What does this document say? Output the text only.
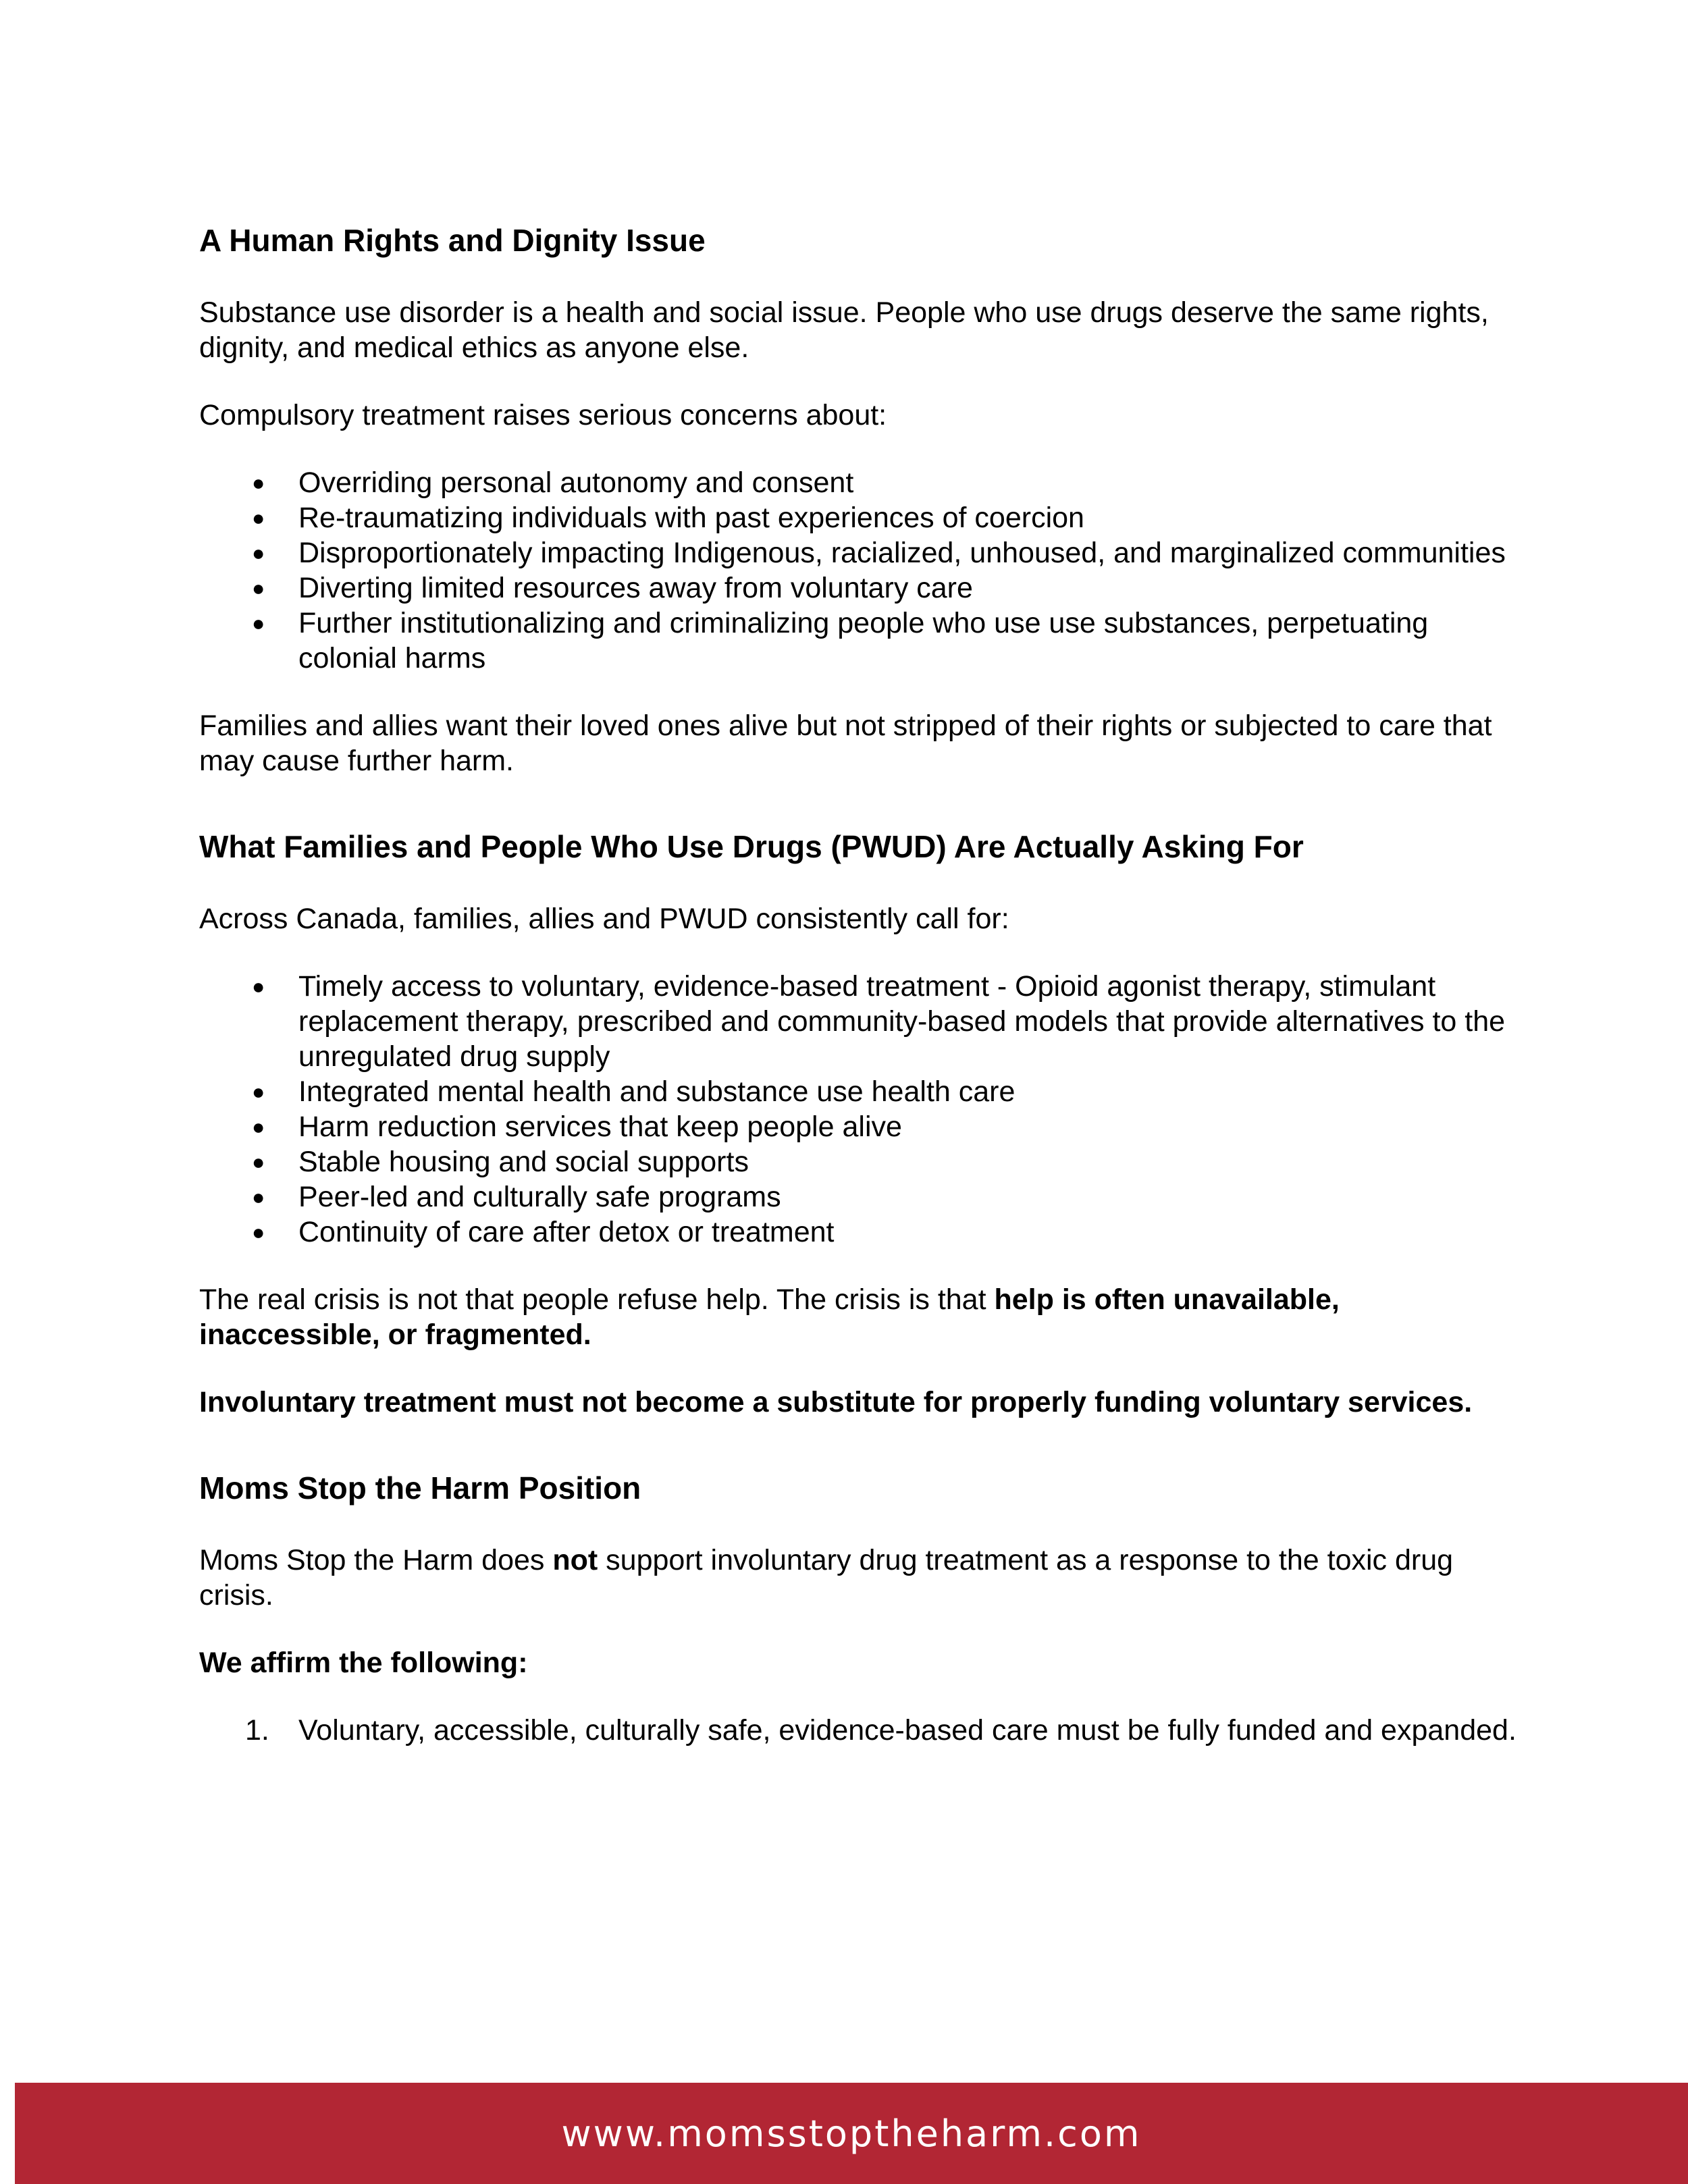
A Human Rights and Dignity Issue

Substance use disorder is a health and social issue. People who use drugs deserve the same rights, dignity, and medical ethics as anyone else.

Compulsory treatment raises serious concerns about:

● Overriding personal autonomy and consent
● Re-traumatizing individuals with past experiences of coercion
● Disproportionately impacting Indigenous, racialized, unhoused, and marginalized communities
● Diverting limited resources away from voluntary care
● Further institutionalizing and criminalizing people who use use substances, perpetuating colonial harms

Families and allies want their loved ones alive but not stripped of their rights or subjected to care that may cause further harm.

What Families and People Who Use Drugs (PWUD) Are Actually Asking For

Across Canada, families, allies and PWUD consistently call for:

● Timely access to voluntary, evidence-based treatment - Opioid agonist therapy, stimulant replacement therapy, prescribed and community-based models that provide alternatives to the unregulated drug supply
● Integrated mental health and substance use health care
● Harm reduction services that keep people alive
● Stable housing and social supports
● Peer-led and culturally safe programs
● Continuity of care after detox or treatment

The real crisis is not that people refuse help. The crisis is that help is often unavailable, inaccessible, or fragmented.

Involuntary treatment must not become a substitute for properly funding voluntary services.

Moms Stop the Harm Position

Moms Stop the Harm does not support involuntary drug treatment as a response to the toxic drug crisis.

We affirm the following:

1. Voluntary, accessible, culturally safe, evidence-based care must be fully funded and expanded.
www.momsstoptheharm.com
